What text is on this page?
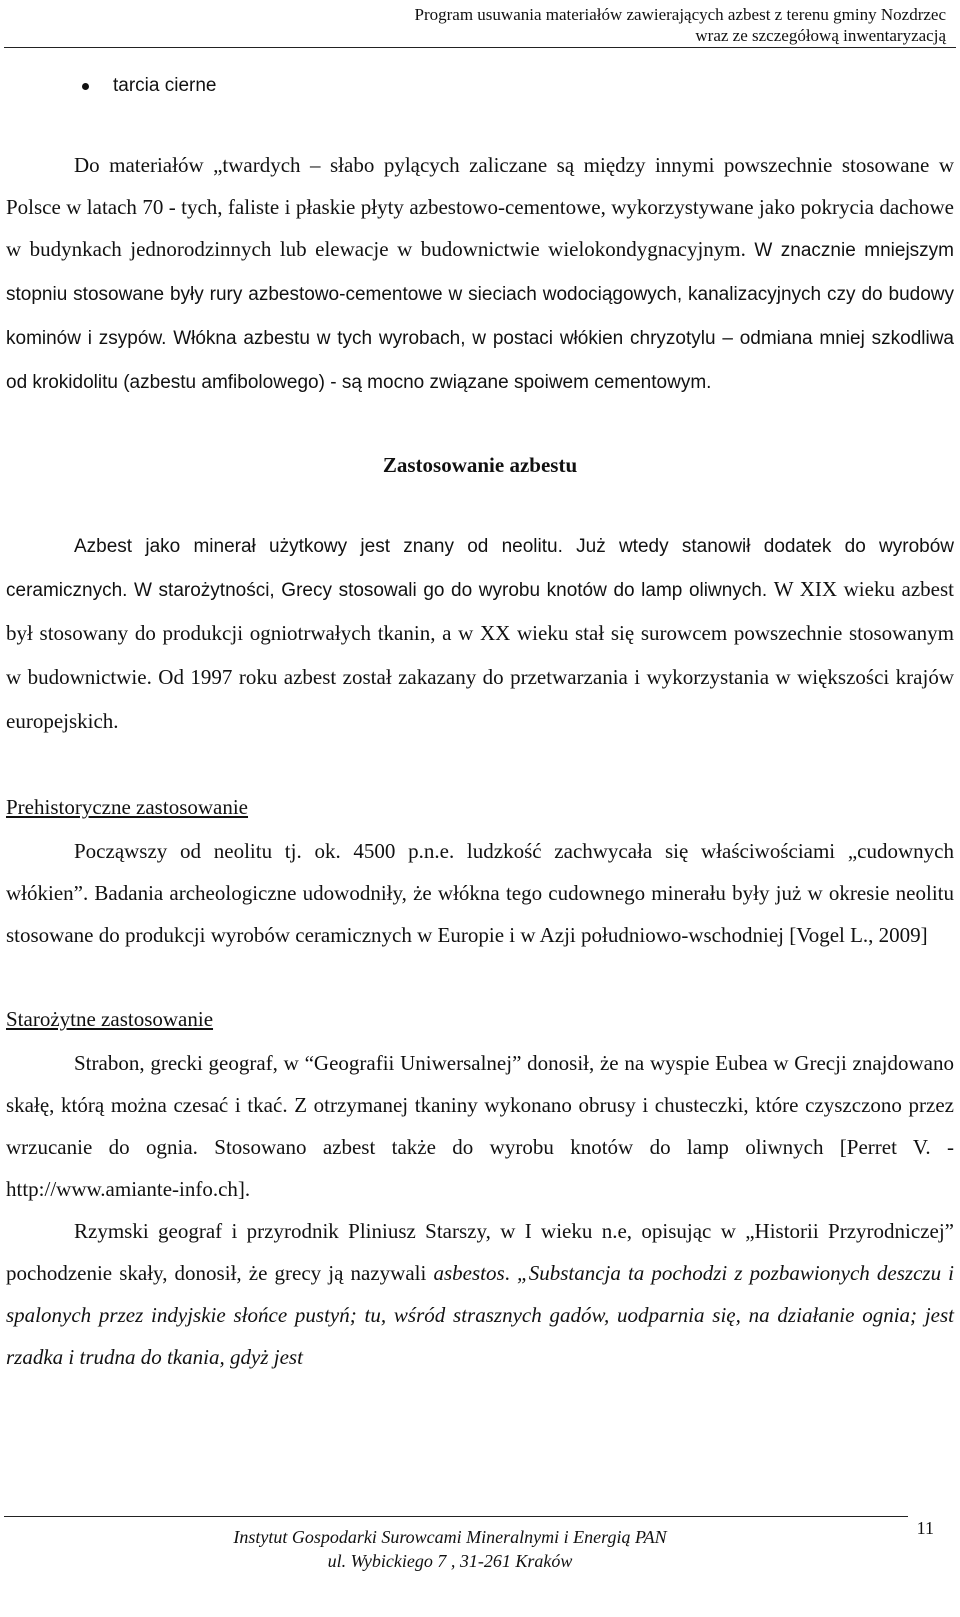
Program usuwania materiałów zawierających azbest z terenu gminy Nozdrzec
wraz ze szczegółową inwentaryzacją
tarcia cierne

Do materiałów „twardych – słabo pylących zaliczane są między innymi powszechnie stosowane w Polsce w latach 70 - tych, faliste i płaskie płyty azbestowo-cementowe, wykorzystywane jako pokrycia dachowe w budynkach jednorodzinnych lub elewacje w budownictwie wielokondygnacyjnym. W znacznie mniejszym stopniu stosowane były rury azbestowo-cementowe w sieciach wodociągowych, kanalizacyjnych czy do budowy kominów i zsypów. Włókna azbestu w tych wyrobach, w postaci włókien chryzotylu – odmiana mniej szkodliwa od krokidolitu (azbestu amfibolowego) - są mocno związane spoiwem cementowym.

Zastosowanie azbestu

Azbest jako minerał użytkowy jest znany od neolitu. Już wtedy stanowił dodatek do wyrobów ceramicznych. W starożytności, Grecy stosowali go do wyrobu knotów do lamp oliwnych. W XIX wieku azbest był stosowany do produkcji ogniotrwałych tkanin, a w XX wieku stał się surowcem powszechnie stosowanym w budownictwie. Od 1997 roku azbest został zakazany do przetwarzania i wykorzystania w większości krajów europejskich.

Prehistoryczne zastosowanie

Począwszy od neolitu tj. ok. 4500 p.n.e. ludzkość zachwycała się właściwościami „cudownych włókien”. Badania archeologiczne udowodniły, że włókna tego cudownego minerału były już w okresie neolitu stosowane do produkcji wyrobów ceramicznych w Europie i w Azji południowo-wschodniej [Vogel L., 2009]

Starożytne zastosowanie

Strabon, grecki geograf, w “Geografii Uniwersalnej” donosił, że na wyspie Eubea w Grecji znajdowano skałę, którą można czesać i tkać. Z otrzymanej tkaniny wykonano obrusy i chusteczki, które czyszczono przez wrzucanie do ognia. Stosowano azbest także do wyrobu knotów do lamp oliwnych [Perret V. - http://www.amiante-info.ch].

Rzymski geograf i przyrodnik Pliniusz Starszy, w I wieku n.e, opisując w „Historii Przyrodniczej” pochodzenie skały, donosił, że grecy ją nazywali asbestos. „Substancja ta pochodzi z pozbawionych deszczu i spalonych przez indyjskie słońce pustyń; tu, wśród strasznych gadów, uodparnia się, na działanie ognia; jest rzadka i trudna do tkania, gdyż jest

Instytut Gospodarki Surowcami Mineralnymi i Energią PAN
ul. Wybickiego 7 , 31-261 Kraków
11
